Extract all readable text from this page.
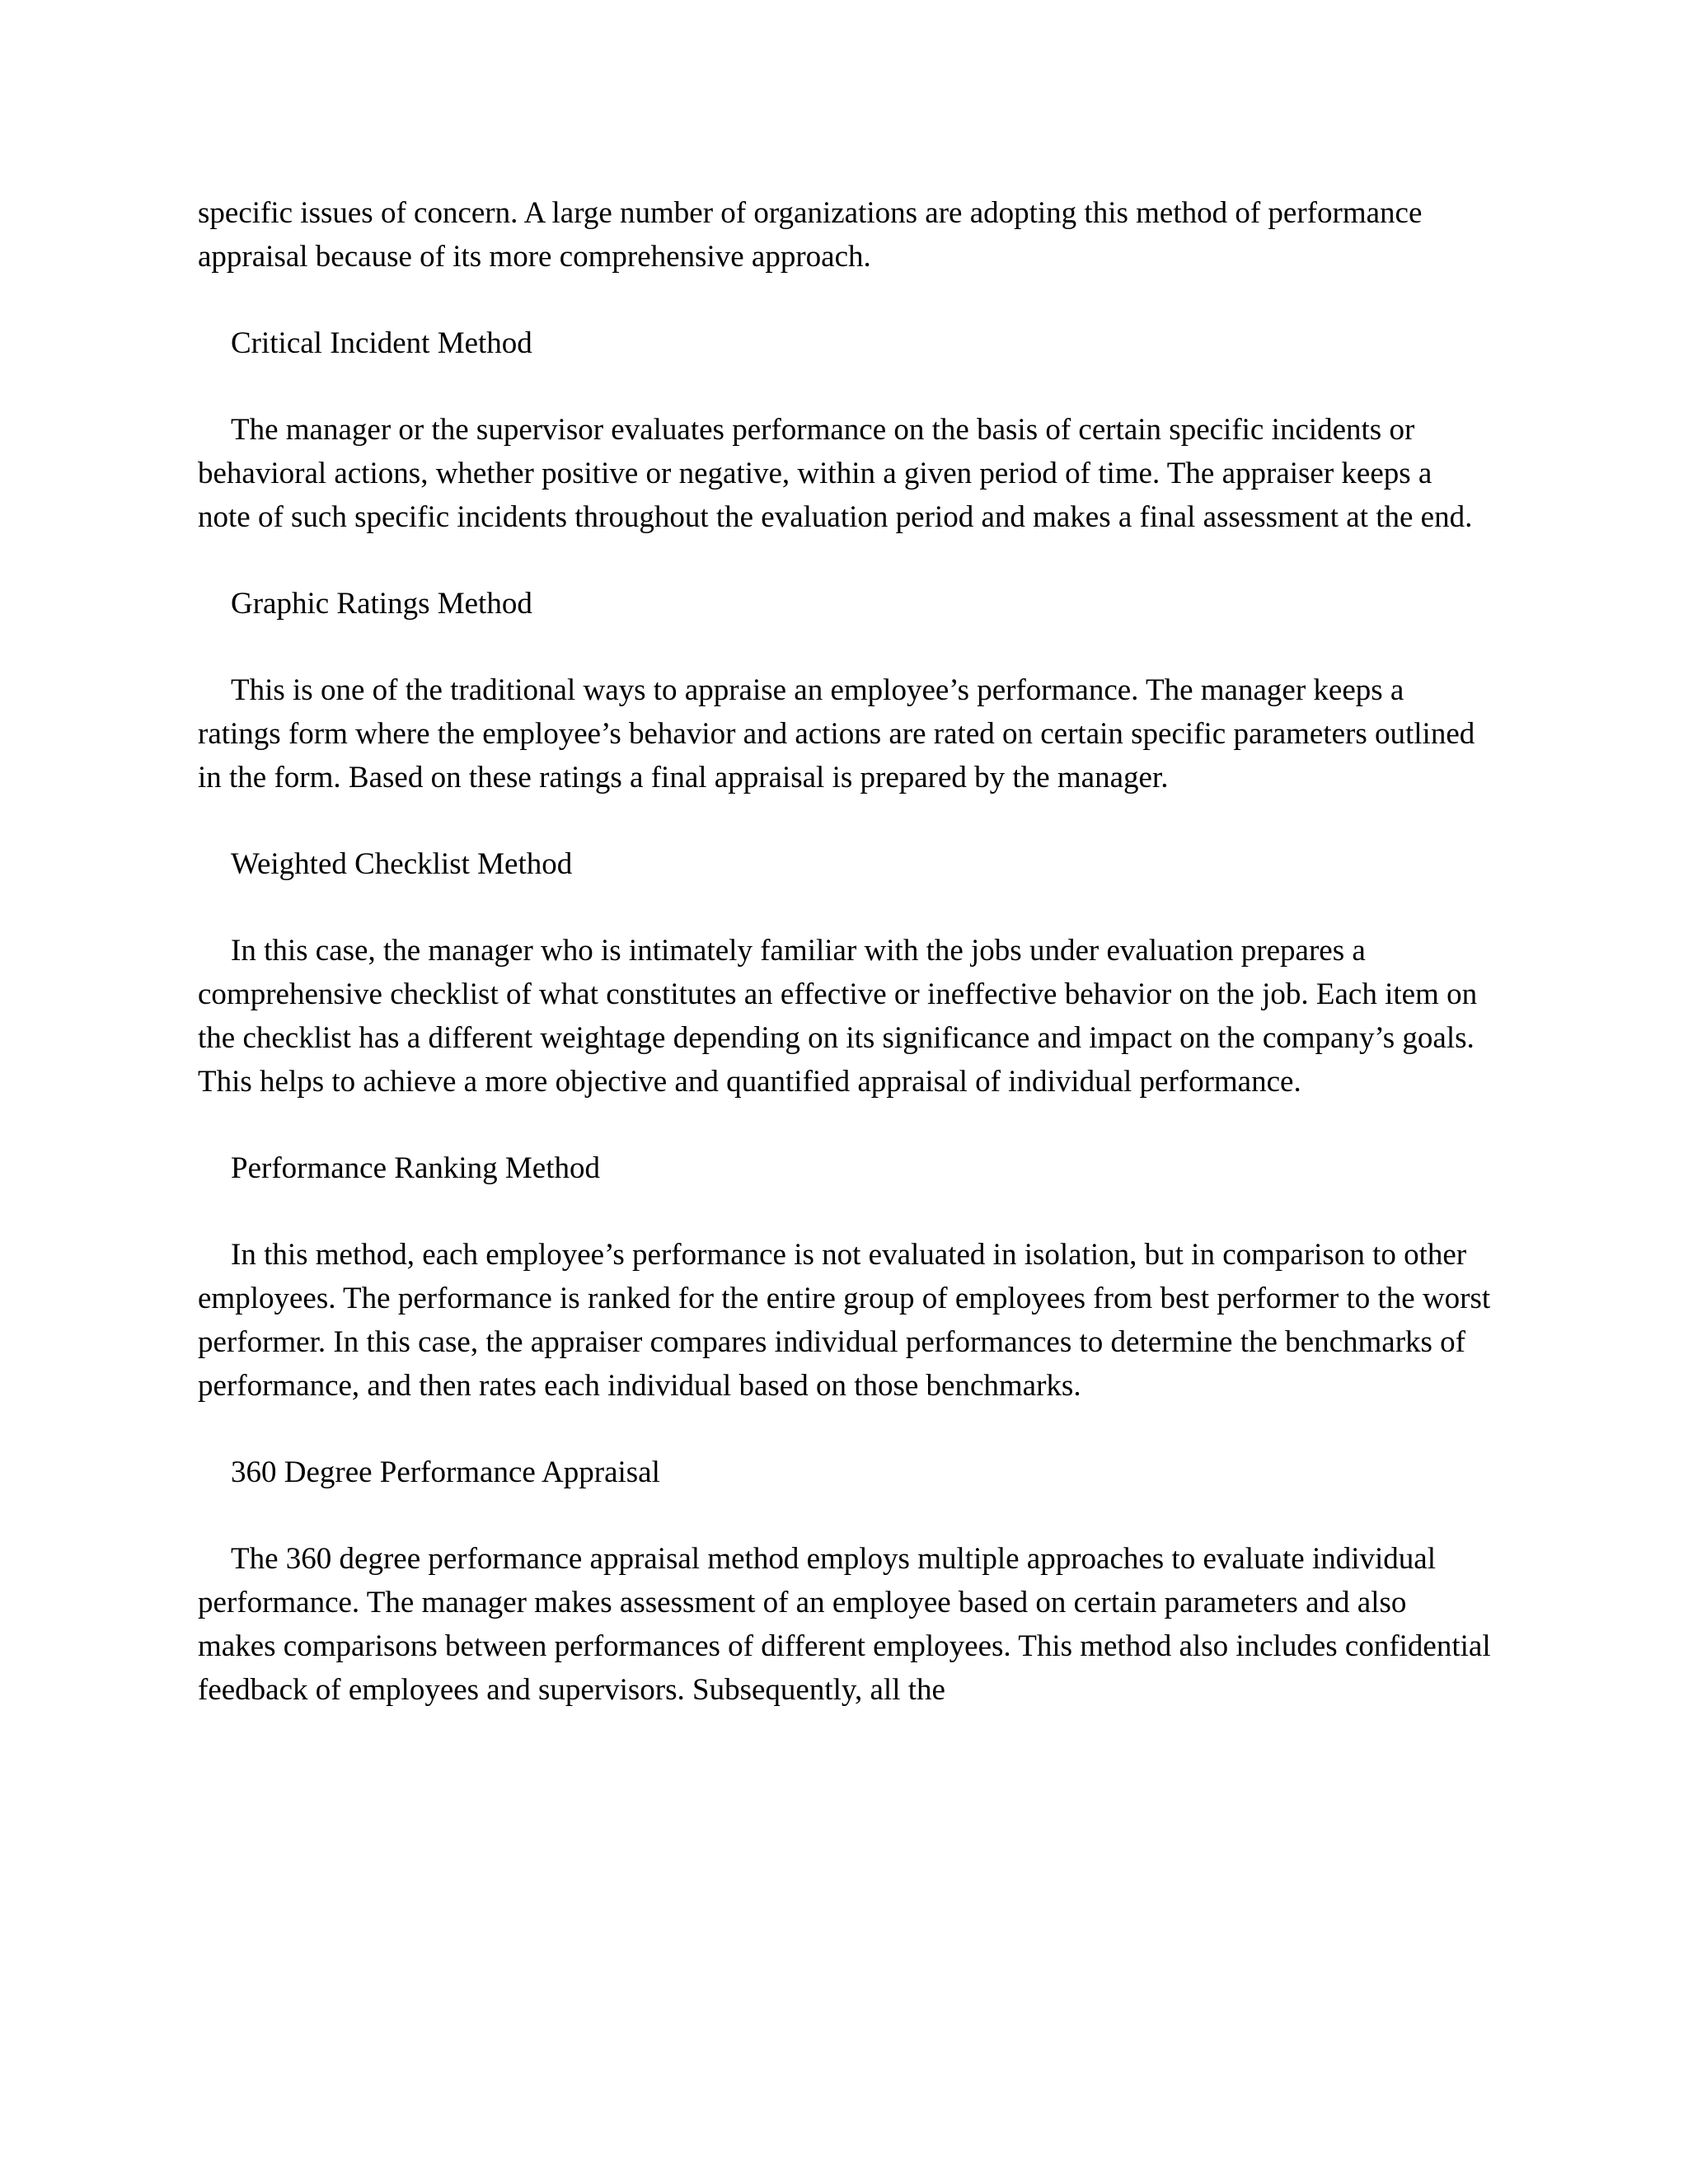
specific issues of concern. A large number of organizations are adopting this method of performance appraisal because of its more comprehensive approach.

Critical Incident Method

The manager or the supervisor evaluates performance on the basis of certain specific incidents or behavioral actions, whether positive or negative, within a given period of time. The appraiser keeps a note of such specific incidents throughout the evaluation period and makes a final assessment at the end.

Graphic Ratings Method

This is one of the traditional ways to appraise an employee’s performance. The manager keeps a ratings form where the employee’s behavior and actions are rated on certain specific parameters outlined in the form. Based on these ratings a final appraisal is prepared by the manager.

Weighted Checklist Method

In this case, the manager who is intimately familiar with the jobs under evaluation prepares a comprehensive checklist of what constitutes an effective or ineffective behavior on the job. Each item on the checklist has a different weightage depending on its significance and impact on the company’s goals. This helps to achieve a more objective and quantified appraisal of individual performance.

Performance Ranking Method

In this method, each employee’s performance is not evaluated in isolation, but in comparison to other employees. The performance is ranked for the entire group of employees from best performer to the worst performer. In this case, the appraiser compares individual performances to determine the benchmarks of performance, and then rates each individual based on those benchmarks.

360 Degree Performance Appraisal

The 360 degree performance appraisal method employs multiple approaches to evaluate individual performance. The manager makes assessment of an employee based on certain parameters and also makes comparisons between performances of different employees. This method also includes confidential feedback of employees and supervisors. Subsequently, all the
